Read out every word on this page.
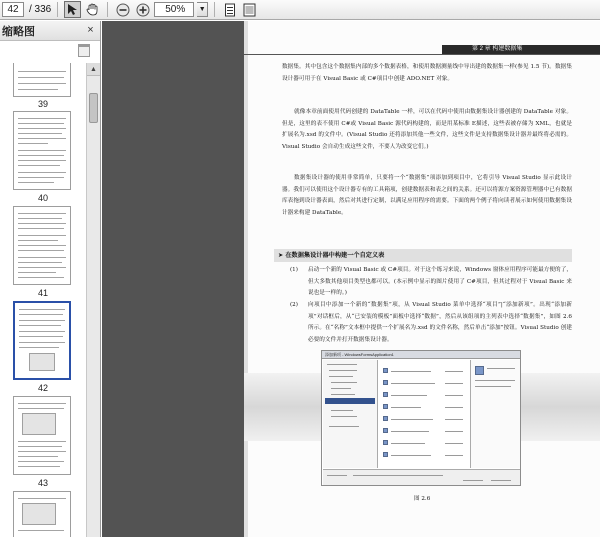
42	/ 336	50%	▼
缩略图	×
39
40
41
42
43
▲
第 2 章 构建数据集
数据集。其中包含这个数据集内部的多个数据表格，和使用数据测量线中导出建的数据集一样(参见 1.5 节)。数据集设计器可用于在 Visual Basic 或 C#项目中创建 ADO.NET 对象。
就像本章前面使用代码创建的 DataTable 一样，可以在代码中使用由数据集设计器创建的 DataTable 对象。但是，这里的表不使用 C#或 Visual Basic 源代码构建的，而是用某标准 E描述，这些表被存储为 XML，也就是扩展名为.xsd 的文件中。(Visual Studio 还将添加其他一些文件，这些文件是支持数据集设计器并最终将必需的。Visual Studio 会自动生成这些文件，不要人为改变它们。)
数据集设计器的使用非常简单，只要将一个“数据集”项添加到项目中，它将引导 Visual Studio 显示此设计器。我们可以使用这个设计器专有的工具箱项，创建数据表和表之间的关系。还可以将源方案资源管理器中已有数据库表拖到设计器表面，然后对其进行定制，以满足应用程序的需要。下面的两个例子将向读者展示如何使用数据集设计器来构建 DataTable。
➤ 在数据集设计器中构建一个自定义表
(1) 启动一个新的 Visual Basic 或 C#项目。对于这个练习来说，Windows 窗体应用程序可能最方便的了，但大多数其他项目类型也都可以。(本示例中显示的图片使用了 C#项目，但其过程对于 Visual Basic 来说也是一样的。)
(2) 向项目中添加一个新的“数据集”项，从 Visual Studio 菜单中选择“项目”|“添加新项”。出现“添加新项”对话框后，从“已安装的模板”面板中选择“数据”，然后从该组项的主列表中选择“数据集”，如图 2.6 所示。在“名称”文本框中提供一个扩展名为.xsd 的文件名称，然后单击“添加”按钮。Visual Studio 创建必要的文件并打开数据集设计器。
添加新项 - WindowsFormsApplication1
图 2.6
